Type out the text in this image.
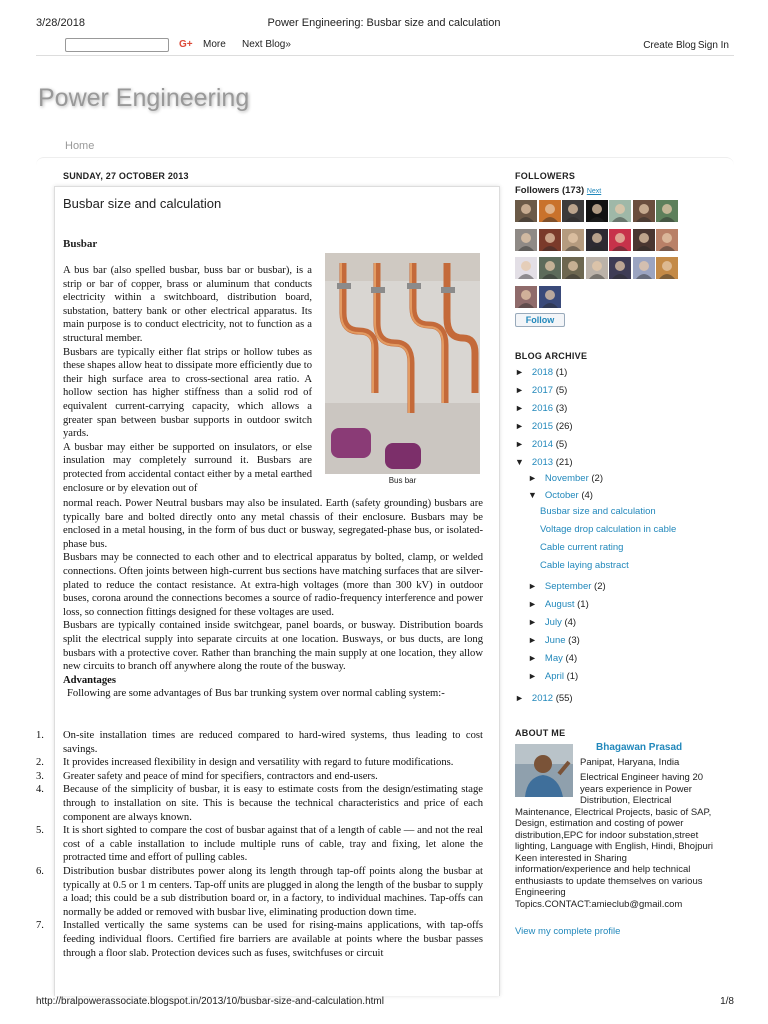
3/28/2018	Power Engineering: Busbar size and calculation
G+ More Next Blog»	Create Blog Sign In
Power Engineering
Home
SUNDAY, 27 OCTOBER 2013
Busbar size and calculation
Busbar

A bus bar (also spelled busbar, buss bar or busbar), is a strip or bar of copper, brass or aluminum that conducts electricity within a switchboard, distribution board, substation, battery bank or other electrical apparatus. Its main purpose is to conduct electricity, not to function as a structural member.

Busbars are typically either flat strips or hollow tubes as these shapes allow heat to dissipate more efficiently due to their high surface area to cross-sectional area ratio. A hollow section has higher stiffness than a solid rod of equivalent current-carrying capacity, which allows a greater span between busbar supports in outdoor switch yards.

A busbar may either be supported on insulators, or else insulation may completely surround it. Busbars are protected from accidental contact either by a metal earthed enclosure or by elevation out of

Bus bar

normal reach. Power Neutral busbars may also be insulated. Earth (safety grounding) busbars are typically bare and bolted directly onto any metal chassis of their enclosure. Busbars may be enclosed in a metal housing, in the form of bus duct or busway, segregated-phase bus, or isolated-phase bus.

Busbars may be connected to each other and to electrical apparatus by bolted, clamp, or welded connections. Often joints between high-current bus sections have matching surfaces that are silver-plated to reduce the contact resistance. At extra-high voltages (more than 300 kV) in outdoor buses, corona around the connections becomes a source of radio-frequency interference and power loss, so connection fittings designed for these voltages are used.

Busbars are typically contained inside switchgear, panel boards, or busway. Distribution boards split the electrical supply into separate circuits at one location. Busways, or bus ducts, are long busbars with a protective cover. Rather than branching the main supply at one location, they allow new circuits to branch off anywhere along the route of the busway.

Advantages

Following are some advantages of Bus bar trunking system over normal cabling system:-

1.	On-site installation times are reduced compared to hard-wired systems, thus leading to cost savings.
2.	It provides increased flexibility in design and versatility with regard to future modifications.
3.	Greater safety and peace of mind for specifiers, contractors and end-users.
4.	Because of the simplicity of busbar, it is easy to estimate costs from the design/estimating stage through to installation on site. This is because the technical characteristics and price of each component are always known.
5.	It is short sighted to compare the cost of busbar against that of a length of cable — and not the real cost of a cable installation to include multiple runs of cable, tray and fixing, let alone the protracted time and effort of pulling cables.
6.	Distribution busbar distributes power along its length through tap-off points along the busbar at typically at 0.5 or 1 m centers. Tap-off units are plugged in along the length of the busbar to supply a load; this could be a sub distribution board or, in a factory, to individual machines. Tap-offs can normally be added or removed with busbar live, eliminating production down time.
7.	Installed vertically the same systems can be used for rising-mains applications, with tap-offs feeding individual floors. Certified fire barriers are available at points where the busbar passes through a floor slab. Protection devices such as fuses, switchfuses or circuit
FOLLOWERS
Followers (173) Next
Follow
BLOG ARCHIVE
► 2018 (1)
► 2017 (5)
► 2016 (3)
► 2015 (26)
► 2014 (5)
▼ 2013 (21)
► November (2)
▼ October (4)
► September (2)
► August (1)
► July (4)
► June (3)
► May (4)
► April (1)
► 2012 (55)
Busbar size and calculation
Voltage drop calculation in cable
Cable current rating
Cable laying abstract
ABOUT ME
Bhagawan Prasad
Panipat, Haryana, India
Electrical Engineer having 20 years experience in Power Distribution, Electrical
Maintenance, Electrical Projects, basic of SAP, Design, estimation and costing of power distribution,EPC for indoor substation,street lighting, Language with English, Hindi, Bhojpuri Keen interested in Sharing information/experience and help technical enthusiasts to update themselves on various Engineering Topics.CONTACT:amieclub@gmail.com
View my complete profile
http://bralpowerassociate.blogspot.in/2013/10/busbar-size-and-calculation.html	1/8
